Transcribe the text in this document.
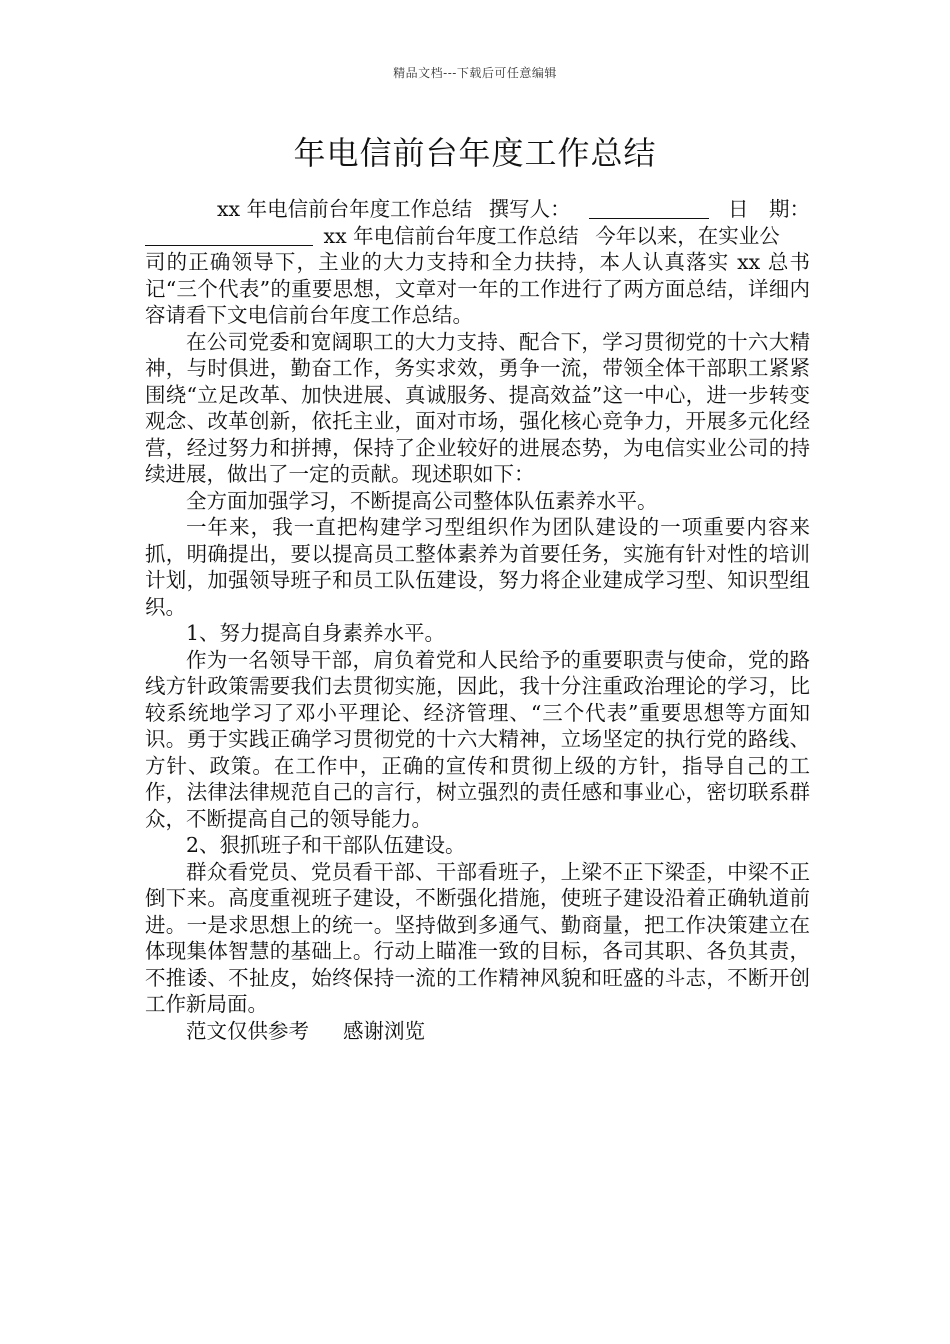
精品文档---下载后可任意编辑
年电信前台年度工作总结
xx 年电信前台年度工作总结 撰写人：	日　期：
xx 年电信前台年度工作总结 今年以来，在实业公

司的正确领导下，主业的大力支持和全力扶持，本人认真落实 xx 总书记“三个代表”的重要思想，文章对一年的工作进行了两方面总结，详细内容请看下文电信前台年度工作总结。

在公司党委和宽阔职工的大力支持、配合下，学习贯彻党的十六大精神，与时俱进，勤奋工作，务实求效，勇争一流，带领全体干部职工紧紧围绕“立足改革、加快进展、真诚服务、提高效益”这一中心，进一步转变观念、改革创新，依托主业，面对市场，强化核心竞争力，开展多元化经营，经过努力和拼搏，保持了企业较好的进展态势，为电信实业公司的持续进展，做出了一定的贡献。现述职如下：

全方面加强学习，不断提高公司整体队伍素养水平。

一年来，我一直把构建学习型组织作为团队建设的一项重要内容来抓，明确提出，要以提高员工整体素养为首要任务，实施有针对性的培训计划，加强领导班子和员工队伍建设，努力将企业建成学习型、知识型组织。

1、努力提高自身素养水平。

作为一名领导干部，肩负着党和人民给予的重要职责与使命，党的路线方针政策需要我们去贯彻实施，因此，我十分注重政治理论的学习，比较系统地学习了邓小平理论、经济管理、“三个代表”重要思想等方面知识。勇于实践正确学习贯彻党的十六大精神，立场坚定的执行党的路线、方针、政策。在工作中，正确的宣传和贯彻上级的方针，指导自己的工作，法律法律规范自己的言行，树立强烈的责任感和事业心，密切联系群众，不断提高自己的领导能力。

2、狠抓班子和干部队伍建设。

群众看党员、党员看干部、干部看班子，上梁不正下梁歪，中梁不正倒下来。高度重视班子建设，不断强化措施，使班子建设沿着正确轨道前进。一是求思想上的统一。坚持做到多通气、勤商量，把工作决策建立在体现集体智慧的基础上。行动上瞄准一致的目标，各司其职、各负其责，不推诿、不扯皮，始终保持一流的工作精神风貌和旺盛的斗志，不断开创工作新局面。

范文仅供参考 感谢浏览
